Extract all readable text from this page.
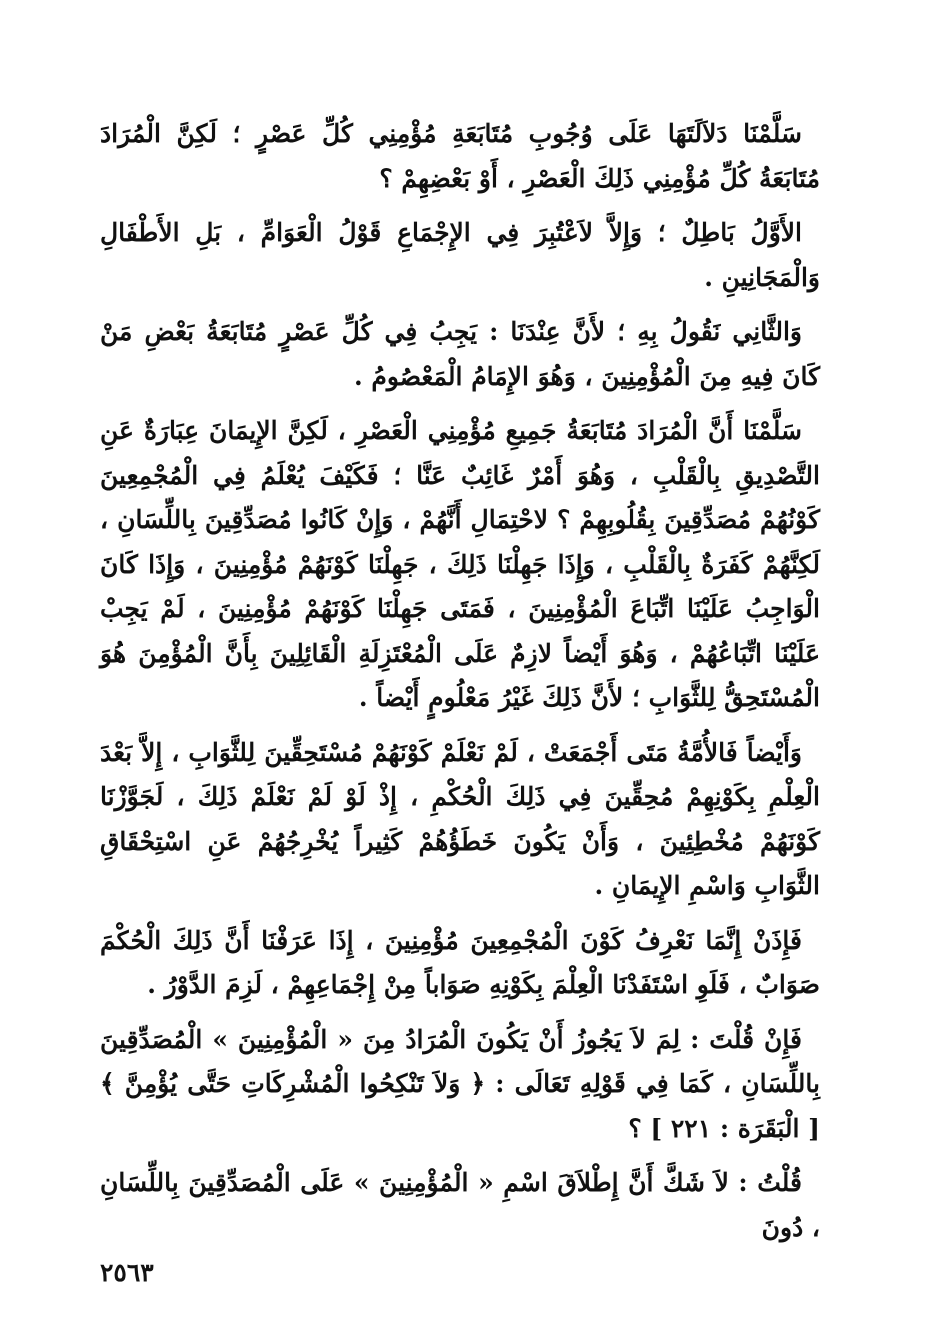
سَلَّمْنَا دَلاَلَتَهَا عَلَى وُجُوبِ مُتَابَعَةِ مُؤْمِنِي كُلِّ عَصْرٍ ؛ لَكِنَّ الْمُرَادَ مُتَابَعَةُ كُلِّ مُؤْمِنِي ذَلِكَ الْعَصْرِ ، أَوْ بَعْضِهِمْ ؟

الأَوَّلُ بَاطِلٌ ؛ وَإِلاَّ لاَعْتُبِرَ فِي الإِجْمَاعِ قَوْلُ الْعَوَامِّ ، بَلِ الأَطْفَالِ وَالْمَجَانِينِ .

وَالثَّانِي نَقُولُ بِهِ ؛ لأَنَّ عِنْدَنَا : يَجِبُ فِي كُلِّ عَصْرٍ مُتَابَعَةُ بَعْضِ مَنْ كَانَ فِيهِ مِنَ الْمُؤْمِنِينَ ، وَهُوَ الإِمَامُ الْمَعْصُومُ .

سَلَّمْنَا أَنَّ الْمُرَادَ مُتَابَعَةُ جَمِيعِ مُؤْمِنِي الْعَصْرِ ، لَكِنَّ الإِيمَانَ عِبَارَةٌ عَنِ التَّصْدِيقِ بِالْقَلْبِ ، وَهُوَ أَمْرٌ غَائِبٌ عَنَّا ؛ فَكَيْفَ يُعْلَمُ فِي الْمُجْمِعِينَ كَوْنُهُمْ مُصَدِّقِينَ بِقُلُوبِهِمْ ؟ لاحْتِمَالِ أَنَّهُمْ ، وَإِنْ كَانُوا مُصَدِّقِينَ بِاللِّسَانِ ، لَكِنَّهُمْ كَفَرَةٌ بِالْقَلْبِ ، وَإِذَا جَهِلْنَا ذَلِكَ ، جَهِلْنَا كَوْنَهُمْ مُؤْمِنِينَ ، وَإِذَا كَانَ الْوَاجِبُ عَلَيْنَا اتِّبَاعَ الْمُؤْمِنِينَ ، فَمَتَى جَهِلْنَا كَوْنَهُمْ مُؤْمِنِينَ ، لَمْ يَجِبْ عَلَيْنَا اتِّبَاعُهُمْ ، وَهُوَ أَيْضاً لازِمٌ عَلَى الْمُعْتَزِلَةِ الْقَائِلِينَ بِأَنَّ الْمُؤْمِنَ هُوَ الْمُسْتَحِقُّ لِلثَّوَابِ ؛ لأَنَّ ذَلِكَ غَيْرُ مَعْلُومٍ أَيْضاً .

وَأَيْضاً فَالأُمَّةُ مَتَى أَجْمَعَتْ ، لَمْ نَعْلَمْ كَوْنَهُمْ مُسْتَحِقِّينَ لِلثَّوَابِ ، إِلاَّ بَعْدَ الْعِلْمِ بِكَوْنِهِمْ مُحِقِّينَ فِي ذَلِكَ الْحُكْمِ ، إِذْ لَوْ لَمْ نَعْلَمْ ذَلِكَ ، لَجَوَّزْنَا كَوْنَهُمْ مُخْطِئِينَ ، وَأَنْ يَكُونَ خَطَؤُهُمْ كَثِيراً يُخْرِجُهُمْ عَنِ اسْتِحْقَاقِ الثَّوَابِ وَاسْمِ الإِيمَانِ .

فَإِذَنْ إِنَّمَا نَعْرِفُ كَوْنَ الْمُجْمِعِينَ مُؤْمِنِينَ ، إِذَا عَرَفْنَا أَنَّ ذَلِكَ الْحُكْمَ صَوَابٌ ، فَلَوِ اسْتَفَدْنَا الْعِلْمَ بِكَوْنِهِ صَوَاباً مِنْ إِجْمَاعِهِمْ ، لَزِمَ الدَّوْرُ .

فَإِنْ قُلْتَ : لِمَ لاَ يَجُوزُ أَنْ يَكُونَ الْمُرَادُ مِنَ « الْمُؤْمِنِينَ » الْمُصَدِّقِينَ بِاللِّسَانِ ، كَمَا فِي قَوْلِهِ تَعَالَى : ﴿ وَلاَ تَنْكِحُوا الْمُشْرِكَاتِ حَتَّى يُؤْمِنَّ ﴾ [ الْبَقَرَة : ٢٢١ ] ؟

قُلْتُ : لاَ شَكَّ أَنَّ إِطْلاَقَ اسْمِ « الْمُؤْمِنِينَ » عَلَى الْمُصَدِّقِينَ بِاللِّسَانِ ، دُونَ

٢٥٦٣
